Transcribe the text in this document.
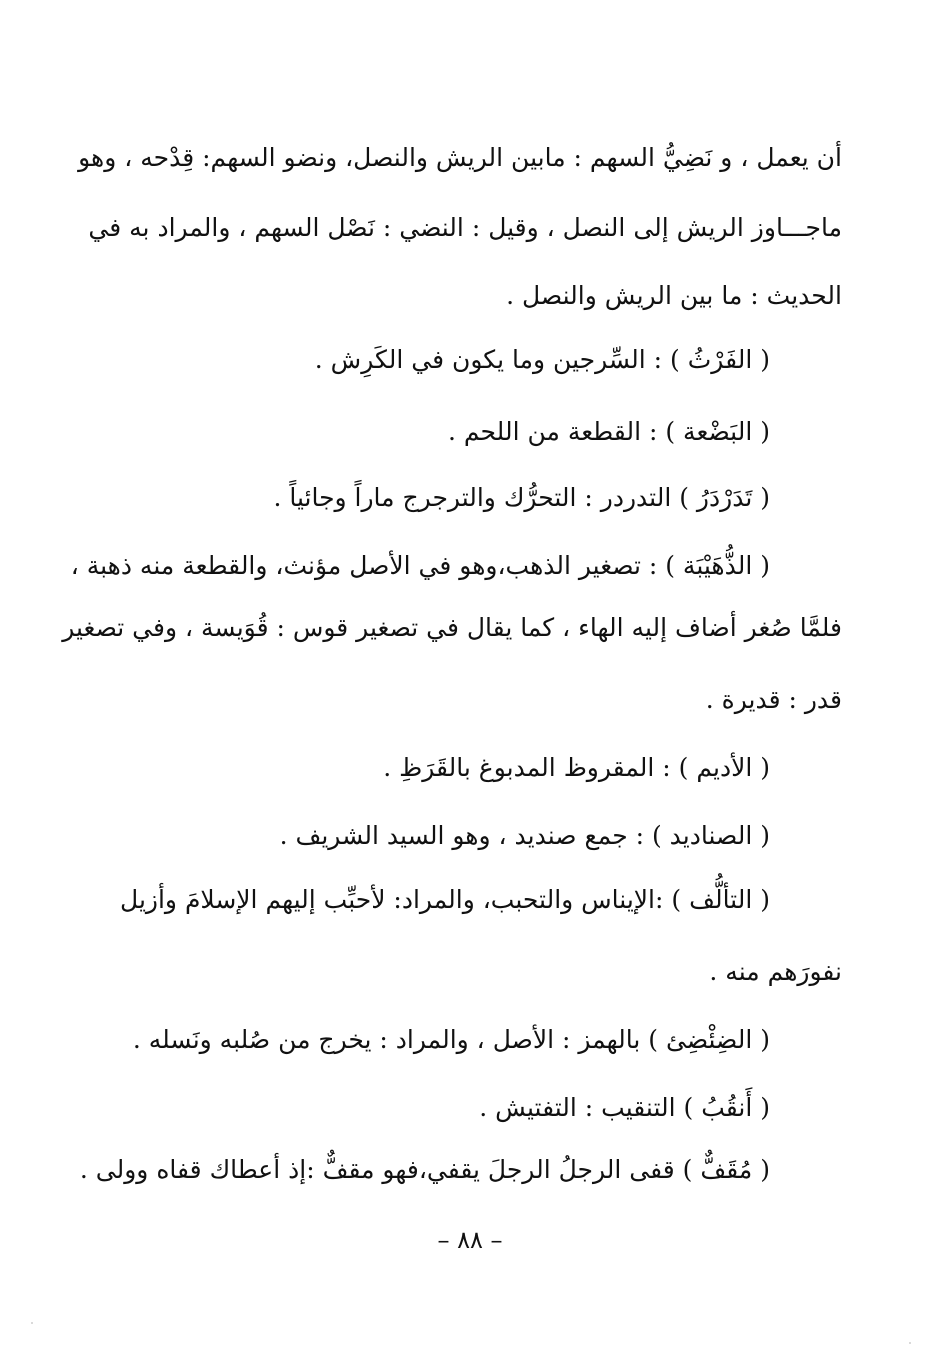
أن يعمل ، و نَضِيُّ السهم : مابين الريش والنصل، ونضو السهم: قِدْحه ، وهو
ماجـــاوز الريش إلى النصل ، وقيل : النضي : نَصْل السهم ، والمراد به في
الحديث : ما بين الريش والنصل .
( الفَرْثُ ) : السِّرجين وما يكون في الكَرِش .
( البَضْعة ) : القطعة من اللحم .
( تَدَرْدَرُ ) التدردر : التحرُّك والترجرج ماراً وجائياً .
( الذُّهَيْبَة ) : تصغير الذهب،وهو في الأصل مؤنث، والقطعة منه ذهبة ،
فلمَّا صُغر أضاف إليه الهاء ، كما يقال في تصغير قوس : قُوَيسة ، وفي تصغير
قدر : قديرة .
( الأديم ) : المقروظ المدبوغ بالقَرَظِ .
( الصناديد ) : جمع صنديد ، وهو السيد الشريف .
( التألُّف ) :الإيناس والتحبب، والمراد: لأحبِّب إليهم الإسلامَ وأزيل
نفورَهم منه .
( الضِئْضِئ ) بالهمز : الأصل ، والمراد : يخرج من صُلبه ونَسله .
( أَنقُبُ ) التنقيب : التفتيش .
( مُقَفٌّ ) قفى الرجلُ الرجلَ يقفي،فهو مقفٌّ :إذ أعطاك قفاه وولى .
– ٨٨ –
